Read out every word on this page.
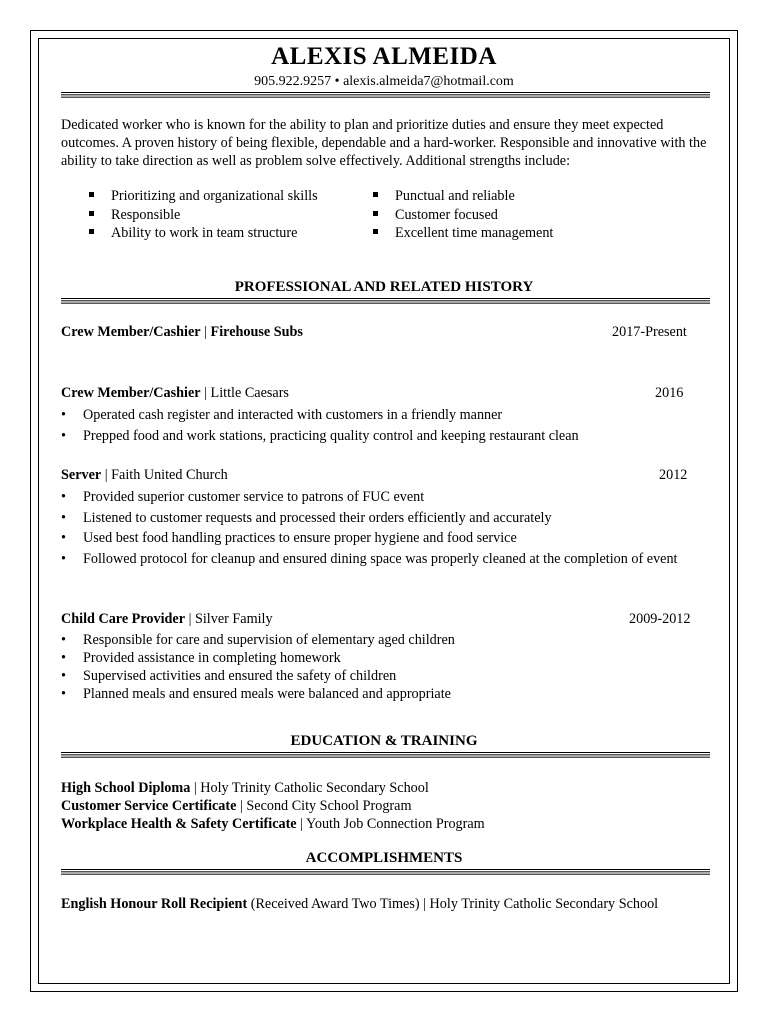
ALEXIS ALMEIDA
905.922.9257 • alexis.almeida7@hotmail.com
Dedicated worker who is known for the ability to plan and prioritize duties and ensure they meet expected outcomes. A proven history of being flexible, dependable and a hard-worker. Responsible and innovative with the ability to take direction as well as problem solve effectively. Additional strengths include:
Prioritizing and organizational skills
Responsible
Ability to work in team structure
Punctual and reliable
Customer focused
Excellent time management
PROFESSIONAL AND RELATED HISTORY
Crew Member/Cashier | Firehouse Subs	2017-Present
Crew Member/Cashier | Little Caesars	2016
• Operated cash register and interacted with customers in a friendly manner
• Prepped food and work stations, practicing quality control and keeping restaurant clean
Server | Faith United Church	2012
• Provided superior customer service to patrons of FUC event
• Listened to customer requests and processed their orders efficiently and accurately
• Used best food handling practices to ensure proper hygiene and food service
• Followed protocol for cleanup and ensured dining space was properly cleaned at the completion of event
Child Care Provider | Silver Family	2009-2012
• Responsible for care and supervision of elementary aged children
• Provided assistance in completing homework
• Supervised activities and ensured the safety of children
• Planned meals and ensured meals were balanced and appropriate
EDUCATION & TRAINING
High School Diploma | Holy Trinity Catholic Secondary School
Customer Service Certificate | Second City School Program
Workplace Health & Safety Certificate | Youth Job Connection Program
ACCOMPLISHMENTS
English Honour Roll Recipient (Received Award Two Times) | Holy Trinity Catholic Secondary School
